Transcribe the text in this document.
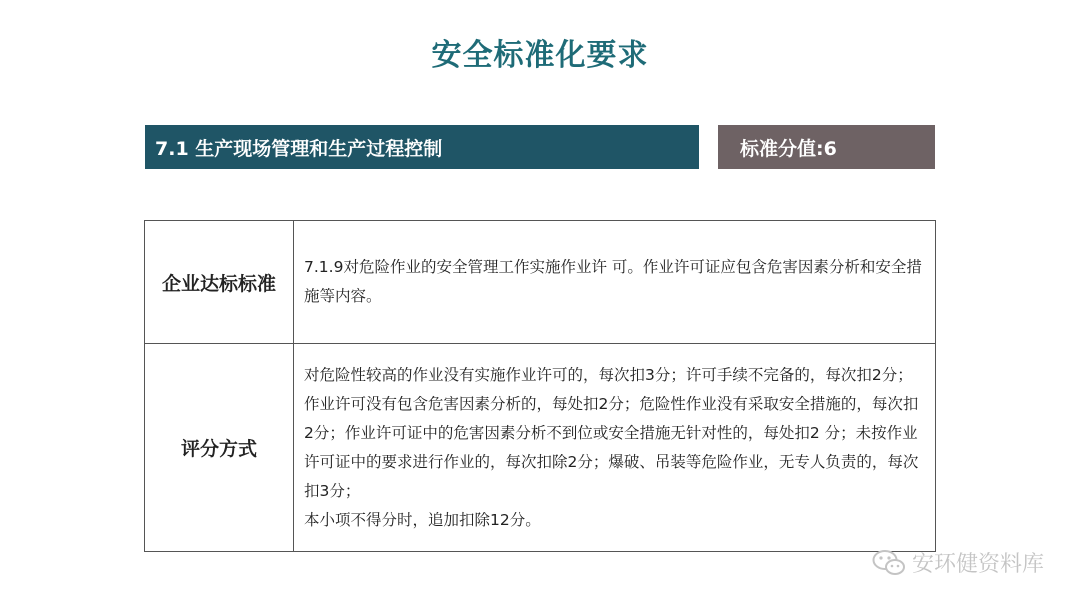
安全标准化要求
7.1 生产现场管理和生产过程控制	标准分值:6
企业达标标准

7.1.9对危险作业的安全管理工作实施作业许 可。作业许可证应包含危害因素分析和安全措施等内容。

评分方式

对危险性较高的作业没有实施作业许可的，每次扣3分；许可手续不完备的，每次扣2分；作业许可没有包含危害因素分析的，每处扣2分；危险性作业没有采取安全措施的，每次扣2分；作业许可证中的危害因素分析不到位或安全措施无针对性的，每处扣2 分；未按作业许可证中的要求进行作业的，每次扣除2分；爆破、吊装等危险作业，无专人负责的，每次扣3分；

本小项不得分时，追加扣除12分。

安环健资料库
